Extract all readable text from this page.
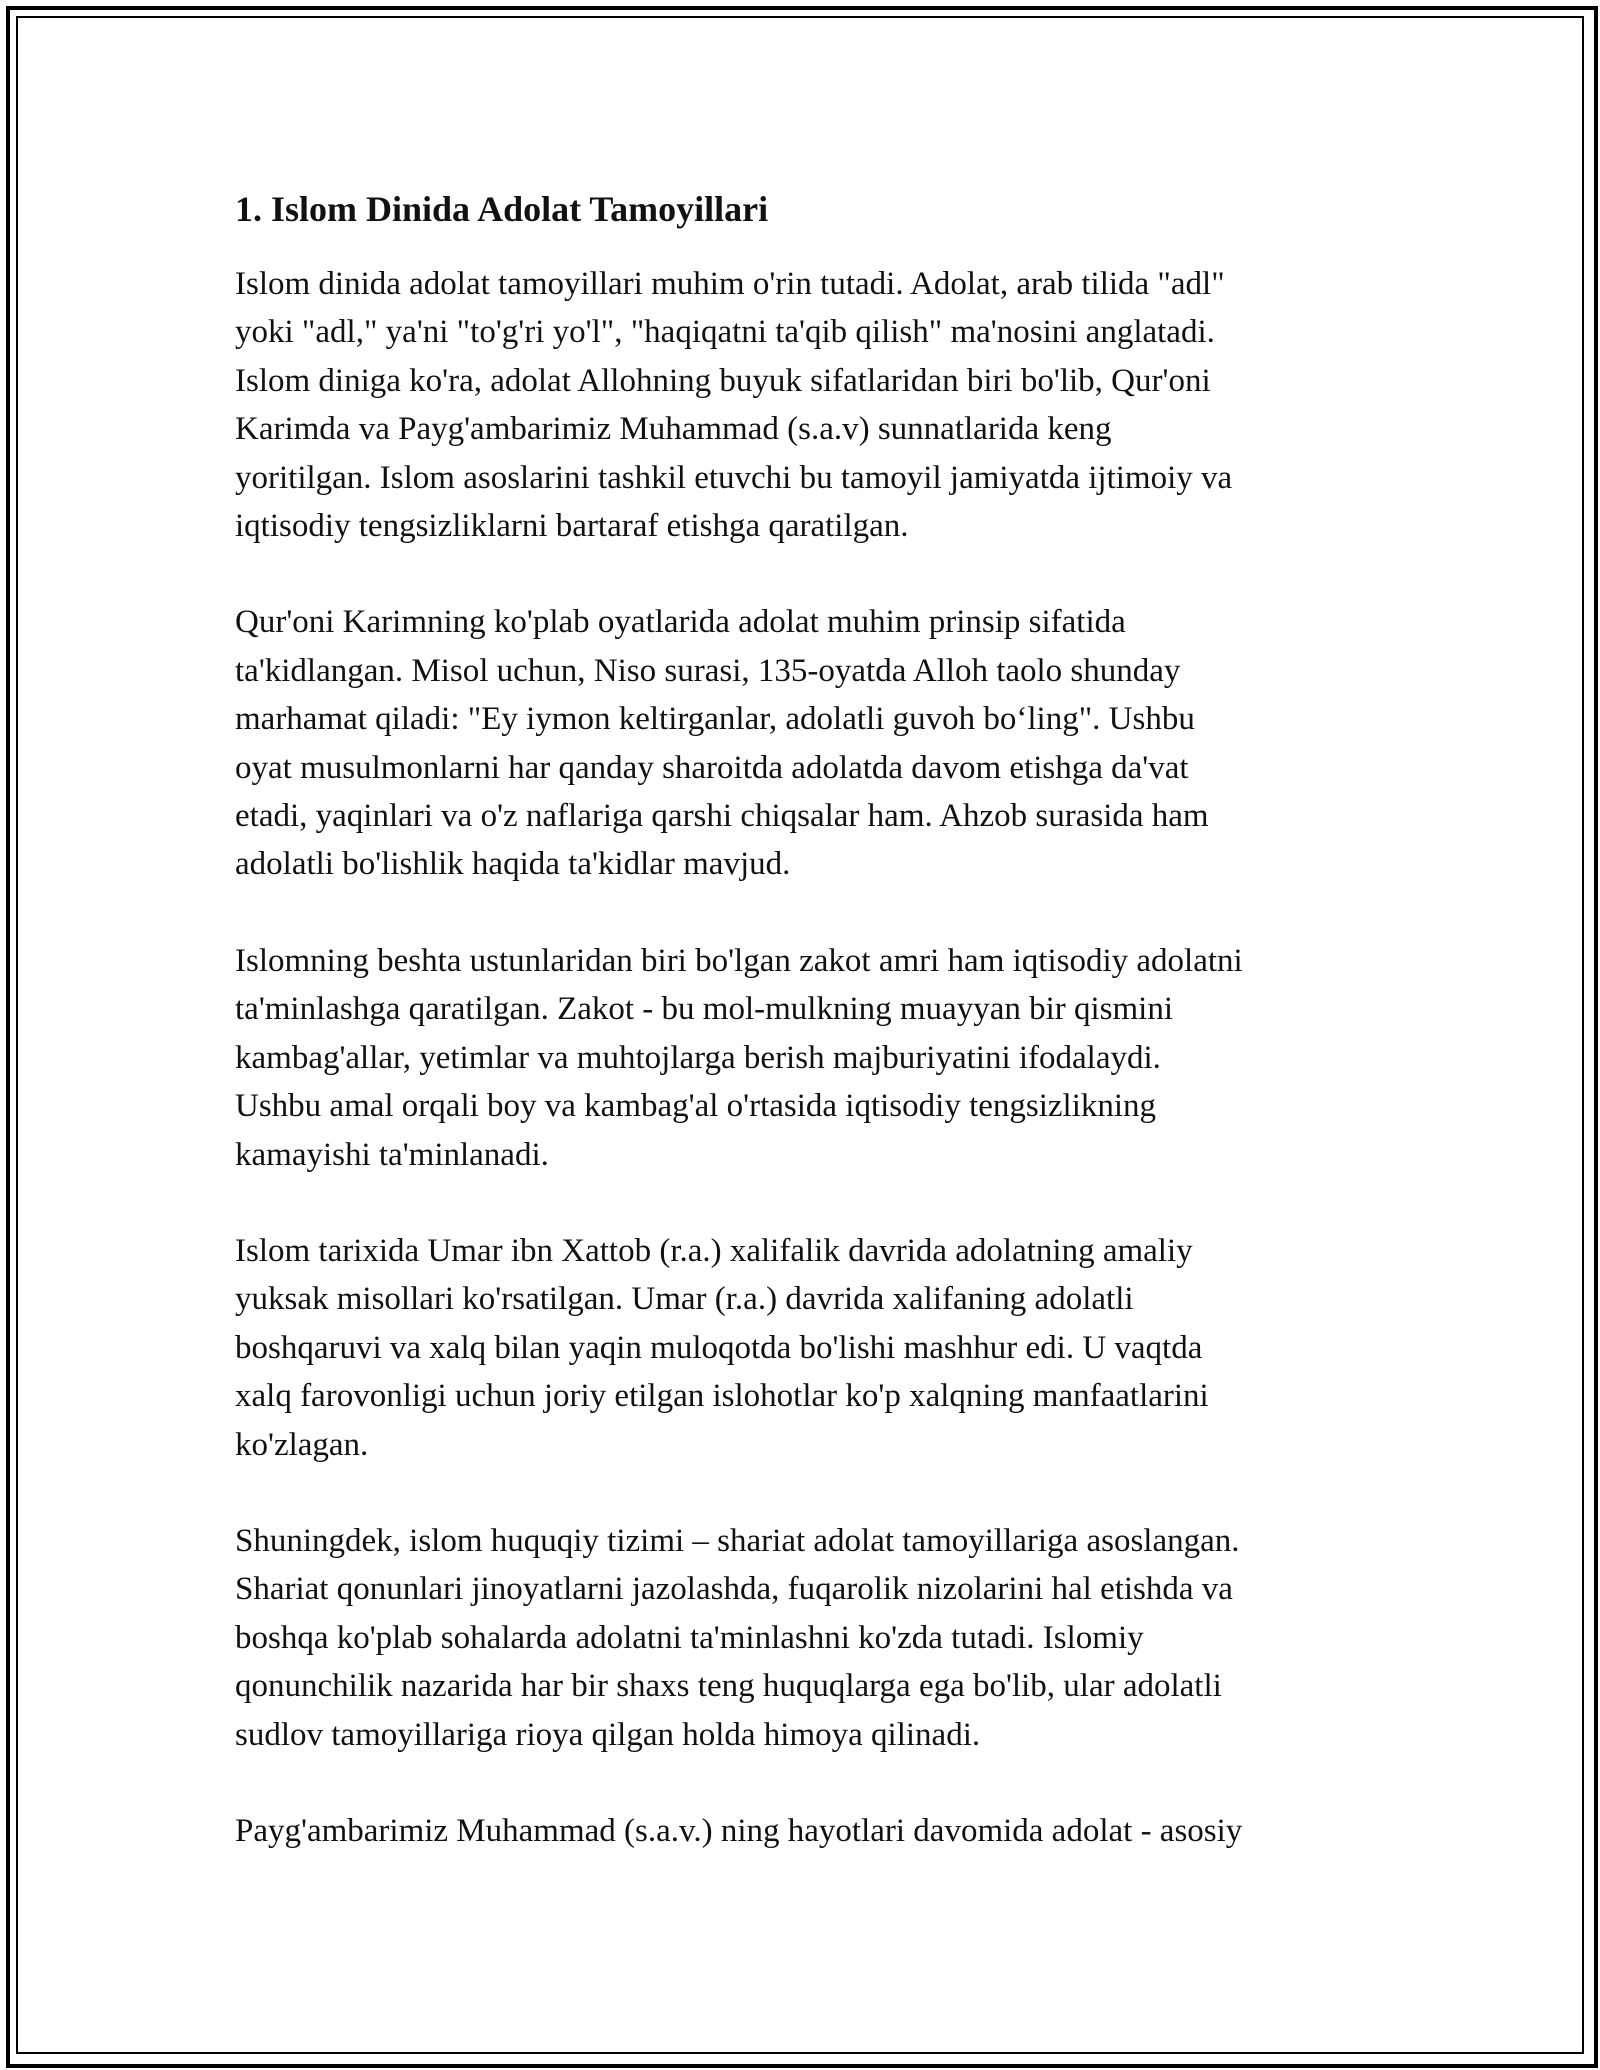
1. Islom Dinida Adolat Tamoyillari

Islom dinida adolat tamoyillari muhim o'rin tutadi. Adolat, arab tilida "adl"
yoki "adl," ya'ni "to'g'ri yo'l", "haqiqatni ta'qib qilish" ma'nosini anglatadi.
Islom diniga ko'ra, adolat Allohning buyuk sifatlaridan biri bo'lib, Qur'oni
Karimda va Payg'ambarimiz Muhammad (s.a.v) sunnatlarida keng
yoritilgan. Islom asoslarini tashkil etuvchi bu tamoyil jamiyatda ijtimoiy va
iqtisodiy tengsizliklarni bartaraf etishga qaratilgan.

Qur'oni Karimning ko'plab oyatlarida adolat muhim prinsip sifatida
ta'kidlangan. Misol uchun, Niso surasi, 135-oyatda Alloh taolo shunday
marhamat qiladi: "Ey iymon keltirganlar, adolatli guvoh bo‘ling". Ushbu
oyat musulmonlarni har qanday sharoitda adolatda davom etishga da'vat
etadi, yaqinlari va o'z naflariga qarshi chiqsalar ham. Ahzob surasida ham
adolatli bo'lishlik haqida ta'kidlar mavjud.

Islomning beshta ustunlaridan biri bo'lgan zakot amri ham iqtisodiy adolatni
ta'minlashga qaratilgan. Zakot - bu mol-mulkning muayyan bir qismini
kambag'allar, yetimlar va muhtojlarga berish majburiyatini ifodalaydi.
Ushbu amal orqali boy va kambag'al o'rtasida iqtisodiy tengsizlikning
kamayishi ta'minlanadi.

Islom tarixida Umar ibn Xattob (r.a.) xalifalik davrida adolatning amaliy
yuksak misollari ko'rsatilgan. Umar (r.a.) davrida xalifaning adolatli
boshqaruvi va xalq bilan yaqin muloqotda bo'lishi mashhur edi. U vaqtda
xalq farovonligi uchun joriy etilgan islohotlar ko'p xalqning manfaatlarini
ko'zlagan.

Shuningdek, islom huquqiy tizimi – shariat adolat tamoyillariga asoslangan.
Shariat qonunlari jinoyatlarni jazolashda, fuqarolik nizolarini hal etishda va
boshqa ko'plab sohalarda adolatni ta'minlashni ko'zda tutadi. Islomiy
qonunchilik nazarida har bir shaxs teng huquqlarga ega bo'lib, ular adolatli
sudlov tamoyillariga rioya qilgan holda himoya qilinadi.

Payg'ambarimiz Muhammad (s.a.v.) ning hayotlari davomida adolat - asosiy
